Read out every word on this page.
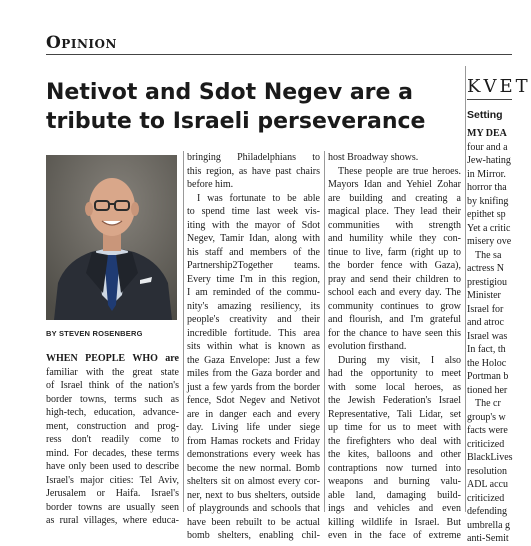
Opinion
Netivot and Sdot Negev are a tribute to Israeli perseverance
BY STEVEN ROSENBERG
WHEN PEOPLE WHO are
familiar with the great state
of Israel think of the nation's
border towns, terms such as
high-tech, education, advance-
ment, construction and prog-
ress don't readily come to
mind. For decades, these terms
have only been used to describe
Israel's major cities: Tel Aviv,
Jerusalem or Haifa. Israel's
border towns are usually seen
as rural villages, where educa-
bringing Philadelphians to
this region, as have past chairs
before him.
I was fortunate to be able
to spend time last week vis-
iting with the mayor of Sdot
Negev, Tamir Idan, along with
his staff and members of the
Partnership2Together teams.
Every time I'm in this region,
I am reminded of the commu-
nity's amazing resiliency, its
people's creativity and their
incredible fortitude. This area
sits within what is known as
the Gaza Envelope: Just a few
miles from the Gaza border and
just a few yards from the border
fence, Sdot Negev and Netivot
are in danger each and every
day. Living life under siege
from Hamas rockets and Friday
demonstrations every week has
become the new normal. Bomb
shelters sit on almost every cor-
ner, next to bus shelters, outside
of playgrounds and schools that
have been rebuilt to be actual
bomb shelters, enabling chil-
host Broadway shows.
These people are true heroes.
Mayors Idan and Yehiel Zohar
are building and creating a
magical place. They lead their
communities with strength
and humility while they con-
tinue to live, farm (right up to
the border fence with Gaza),
pray and send their children to
school each and every day. The
community continues to grow
and flourish, and I'm grateful
for the chance to have seen this
evolution firsthand.
During my visit, I also
had the opportunity to meet
with some local heroes, as
the Jewish Federation's Israel
Representative, Tali Lidar, set
up time for us to meet with
the firefighters who deal with
the kites, balloons and other
contraptions now turned into
weapons and burning valu-
able land, damaging build-
ings and vehicles and even
killing wildlife in Israel. But
even in the face of extreme
KVET
Setting
MY DEA
four and a
Jew-hating
in Mirror.
horror tha
by knifing
epithet sp
Yet a critic
misery ove
The sa
actress N
prestigiou
Minister
Israel for
and atroc
Israel was
In fact, th
the Holoc
Portman b
tioned her
The cr
group's w
facts were
criticized
BlackLives
resolution
ADL accu
criticized
defending
umbrella g
anti-Semit
